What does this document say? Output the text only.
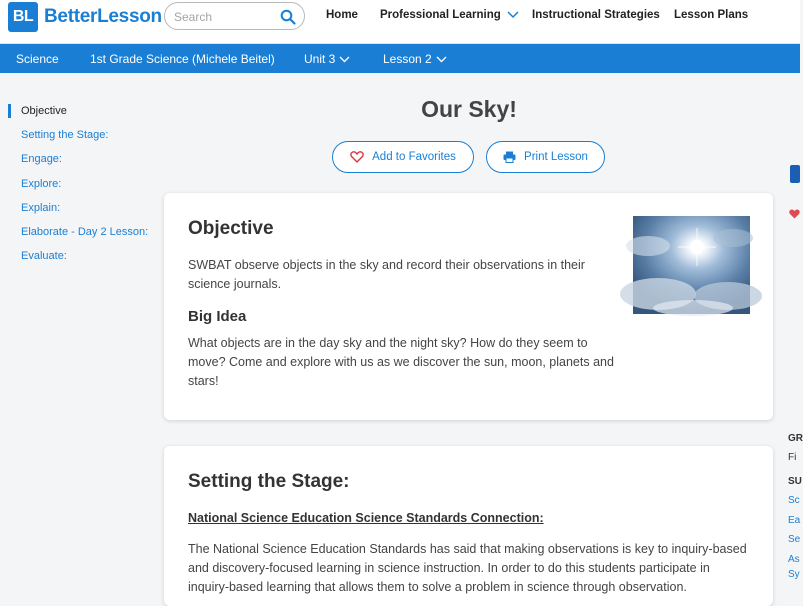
BL BetterLesson
Search	Home Professional Learning	Instructional Strategies Lesson Plans
Science	1st Grade Science (Michele Beitel) Unit 3	Lesson 2
Objective
Setting the Stage:
Engage:
Explore:
Explain:
Elaborate - Day 2 Lesson:
Evaluate:
Our Sky!
Add to Favorites	Print Lesson
Objective

SWBAT observe objects in the sky and record their observations in their

science journals.

Big Idea

What objects are in the day sky and the night sky? How do they seem to

move? Come and explore with us as we discover the sun, moon, planets and

stars!

Setting the Stage:

National Science Education Science Standards Connection:

The National Science Education Standards has said that making observations is key to inquiry-based

and discovery-focused learning in science instruction. In order to do this students participate in

inquiry-based learning that allows them to solve a problem in science through observation.

GR
Fi
SU
Sc
Ea
Se
As
Sy
